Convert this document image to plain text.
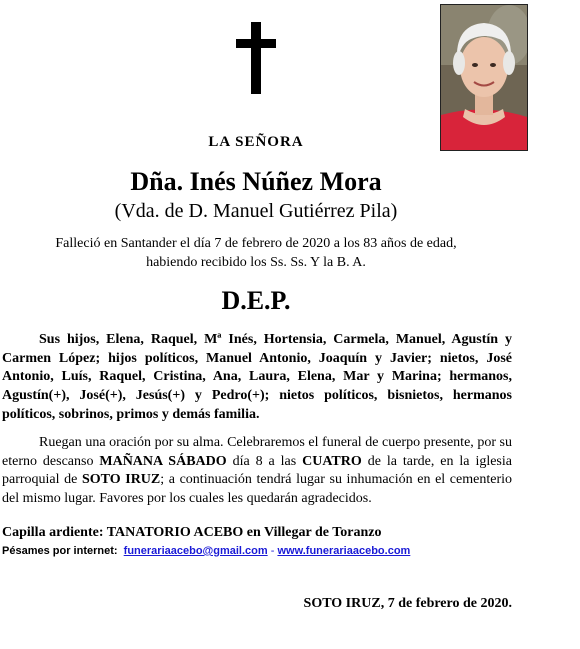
LA SEÑORA
Dña. Inés Núñez Mora
(Vda. de D. Manuel Gutiérrez Pila)
Falleció en Santander el día 7 de febrero de 2020 a los 83 años de edad,
habiendo recibido los Ss. Ss. Y la B. A.
D.E.P.
Sus hijos, Elena, Raquel, Mª Inés, Hortensia, Carmela, Manuel, Agustín y Carmen López; hijos políticos, Manuel Antonio, Joaquín y Javier; nietos, José Antonio, Luís, Raquel, Cristina, Ana, Laura, Elena, Mar y Marina; hermanos, Agustín(+), José(+), Jesús(+) y Pedro(+); nietos políticos, bisnietos, hermanos políticos, sobrinos, primos y demás familia.
Ruegan una oración por su alma. Celebraremos el funeral de cuerpo presente, por su eterno descanso MAÑANA SÁBADO día 8 a las CUATRO de la tarde, en la iglesia parroquial de SOTO IRUZ; a continuación tendrá lugar su inhumación en el cementerio del mismo lugar. Favores por los cuales les quedarán agradecidos.
Capilla ardiente: TANATORIO ACEBO en Villegar de Toranzo
Pésames por internet: funerariaacebo@gmail.com - www.funerariaacebo.com
SOTO IRUZ, 7 de febrero de 2020.
